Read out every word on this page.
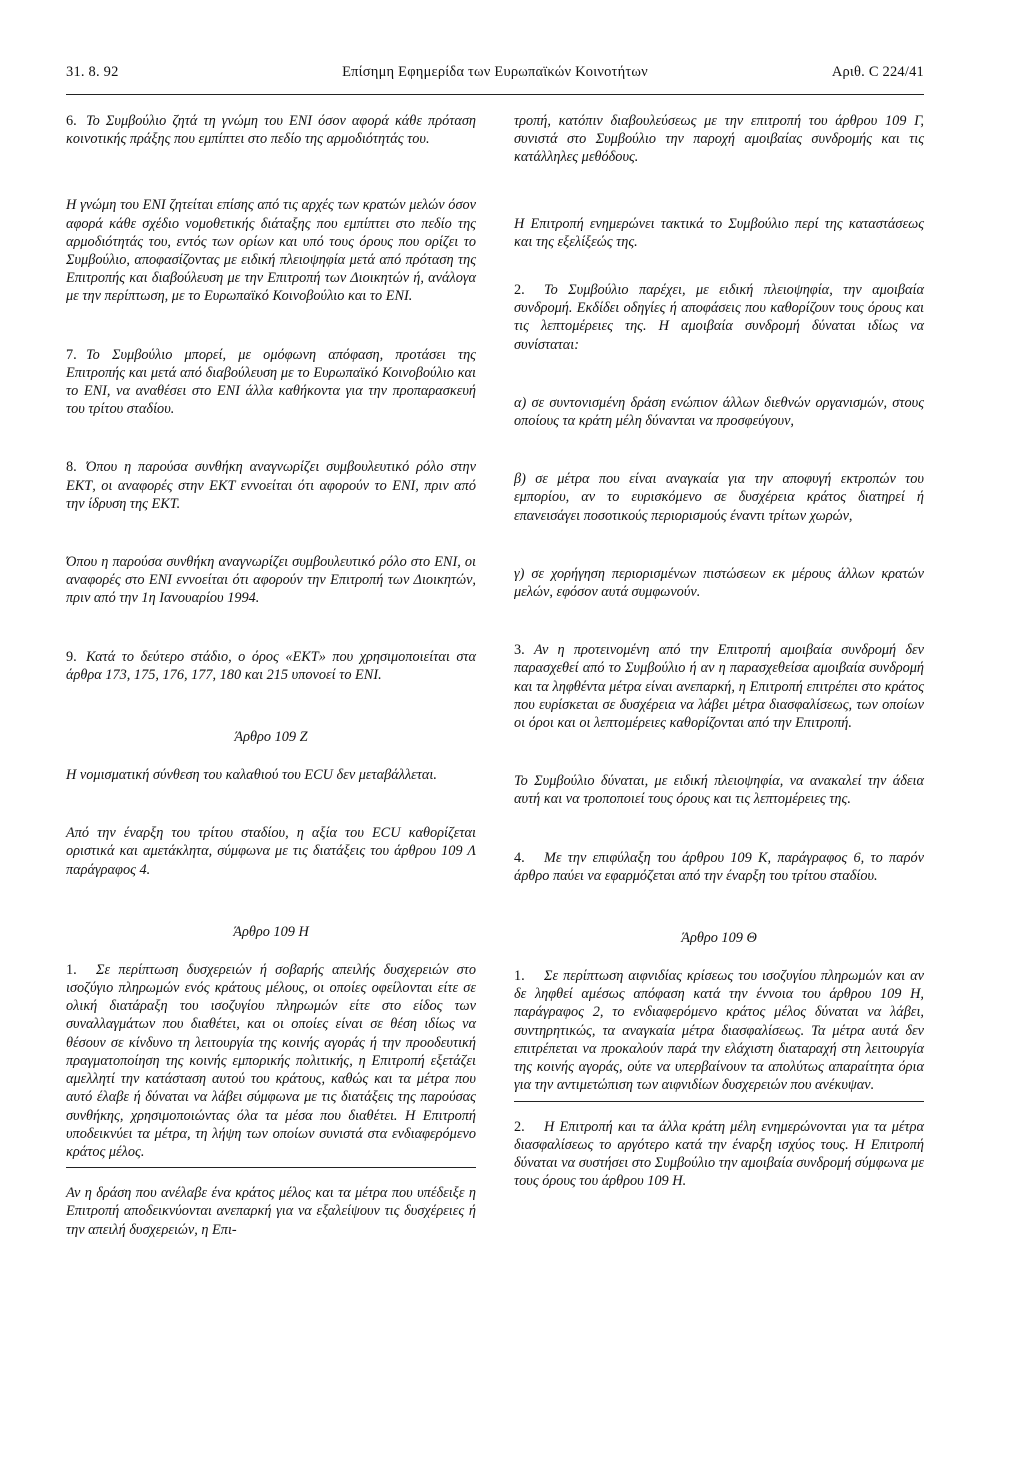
31. 8. 92	Επίσημη Εφημερίδα των Ευρωπαϊκών Κοινοτήτων	Αριθ. C 224/41

6. Το Συμβούλιο ζητά τη γνώμη του ΕΝΙ όσον αφορά κάθε πρόταση κοινοτικής πράξης που εμπίπτει στο πεδίο της αρμοδιότητάς του.

Η γνώμη του ΕΝΙ ζητείται επίσης από τις αρχές των κρατών μελών όσον αφορά κάθε σχέδιο νομοθετικής διάταξης που εμπίπτει στο πεδίο της αρμοδιότητάς του, εντός των ορίων και υπό τους όρους που ορίζει το Συμβούλιο, αποφασίζοντας με ειδική πλειοψηφία μετά από πρόταση της Επιτροπής και διαβούλευση με την Επιτροπή των Διοικητών ή, ανάλογα με την περίπτωση, με το Ευρωπαϊκό Κοινοβούλιο και το ΕΝΙ.

7. Το Συμβούλιο μπορεί, με ομόφωνη απόφαση, προτάσει της Επιτροπής και μετά από διαβούλευση με το Ευρωπαϊκό Κοινοβούλιο και το ΕΝΙ, να αναθέσει στο ΕΝΙ άλλα καθήκοντα για την προπαρασκευή του τρίτου σταδίου.

8. Όπου η παρούσα συνθήκη αναγνωρίζει συμβουλευτικό ρόλο στην ΕΚΤ, οι αναφορές στην ΕΚΤ εννοείται ότι αφορούν το ΕΝΙ, πριν από την ίδρυση της ΕΚΤ.

Όπου η παρούσα συνθήκη αναγνωρίζει συμβουλευτικό ρόλο στο ΕΝΙ, οι αναφορές στο ΕΝΙ εννοείται ότι αφορούν την Επιτροπή των Διοικητών, πριν από την 1η Ιανουαρίου 1994.

9. Κατά το δεύτερο στάδιο, ο όρος «ΕΚΤ» που χρησιμοποιείται στα άρθρα 173, 175, 176, 177, 180 και 215 υπονοεί το ΕΝΙ.

Άρθρο 109 Ζ

Η νομισματική σύνθεση του καλαθιού του ECU δεν μεταβάλλεται.

Από την έναρξη του τρίτου σταδίου, η αξία του ECU καθορίζεται οριστικά και αμετάκλητα, σύμφωνα με τις διατάξεις του άρθρου 109 Λ παράγραφος 4.

Άρθρο 109 Η

1. Σε περίπτωση δυσχερειών ή σοβαρής απειλής δυσχερειών στο ισοζύγιο πληρωμών ενός κράτους μέλους, οι οποίες οφείλονται είτε σε ολική διατάραξη του ισοζυγίου πληρωμών είτε στο είδος των συναλλαγμάτων που διαθέτει, και οι οποίες είναι σε θέση ιδίως να θέσουν σε κίνδυνο τη λειτουργία της κοινής αγοράς ή την προοδευτική πραγματοποίηση της κοινής εμπορικής πολιτικής, η Επιτροπή εξετάζει αμελλητί την κατάσταση αυτού του κράτους, καθώς και τα μέτρα που αυτό έλαβε ή δύναται να λάβει σύμφωνα με τις διατάξεις της παρούσας συνθήκης, χρησιμοποιώντας όλα τα μέσα που διαθέτει. Η Επιτροπή υποδεικνύει τα μέτρα, τη λήψη των οποίων συνιστά στα ενδιαφερόμενο κράτος μέλος.

Αν η δράση που ανέλαβε ένα κράτος μέλος και τα μέτρα που υπέδειξε η Επιτροπή αποδεικνύονται ανεπαρκή για να εξαλείψουν τις δυσχέρειες ή την απειλή δυσχερειών, η Επι-

τροπή, κατόπιν διαβουλεύσεως με την επιτροπή του άρθρου 109 Γ, συνιστά στο Συμβούλιο την παροχή αμοιβαίας συνδρομής και τις κατάλληλες μεθόδους.

Η Επιτροπή ενημερώνει τακτικά το Συμβούλιο περί της καταστάσεως και της εξελίξεώς της.

2. Το Συμβούλιο παρέχει, με ειδική πλειοψηφία, την αμοιβαία συνδρομή. Εκδίδει οδηγίες ή αποφάσεις που καθορίζουν τους όρους και τις λεπτομέρειες της. Η αμοιβαία συνδρομή δύναται ιδίως να συνίσταται:

α) σε συντονισμένη δράση ενώπιον άλλων διεθνών οργανισμών, στους οποίους τα κράτη μέλη δύνανται να προσφεύγουν,

β) σε μέτρα που είναι αναγκαία για την αποφυγή εκτροπών του εμπορίου, αν το ευρισκόμενο σε δυσχέρεια κράτος διατηρεί ή επανεισάγει ποσοτικούς περιορισμούς έναντι τρίτων χωρών,

γ) σε χορήγηση περιορισμένων πιστώσεων εκ μέρους άλλων κρατών μελών, εφόσον αυτά συμφωνούν.

3. Αν η προτεινομένη από την Επιτροπή αμοιβαία συνδρομή δεν παρασχεθεί από το Συμβούλιο ή αν η παρασχεθείσα αμοιβαία συνδρομή και τα ληφθέντα μέτρα είναι ανεπαρκή, η Επιτροπή επιτρέπει στο κράτος που ευρίσκεται σε δυσχέρεια να λάβει μέτρα διασφαλίσεως, των οποίων οι όροι και οι λεπτομέρειες καθορίζονται από την Επιτροπή.

Το Συμβούλιο δύναται, με ειδική πλειοψηφία, να ανακαλεί την άδεια αυτή και να τροποποιεί τους όρους και τις λεπτομέρειες της.

4. Με την επιφύλαξη του άρθρου 109 Κ, παράγραφος 6, το παρόν άρθρο παύει να εφαρμόζεται από την έναρξη του τρίτου σταδίου.

Άρθρο 109 Θ

1. Σε περίπτωση αιφνιδίας κρίσεως του ισοζυγίου πληρωμών και αν δε ληφθεί αμέσως απόφαση κατά την έννοια του άρθρου 109 Η, παράγραφος 2, το ενδιαφερόμενο κράτος μέλος δύναται να λάβει, συντηρητικώς, τα αναγκαία μέτρα διασφαλίσεως. Τα μέτρα αυτά δεν επιτρέπεται να προκαλούν παρά την ελάχιστη διαταραχή στη λειτουργία της κοινής αγοράς, ούτε να υπερβαίνουν τα απολύτως απαραίτητα όρια για την αντιμετώπιση των αιφνιδίων δυσχερειών που ανέκυψαν.

2. Η Επιτροπή και τα άλλα κράτη μέλη ενημερώνονται για τα μέτρα διασφαλίσεως το αργότερο κατά την έναρξη ισχύος τους. Η Επιτροπή δύναται να συστήσει στο Συμβούλιο την αμοιβαία συνδρομή σύμφωνα με τους όρους του άρθρου 109 Η.
